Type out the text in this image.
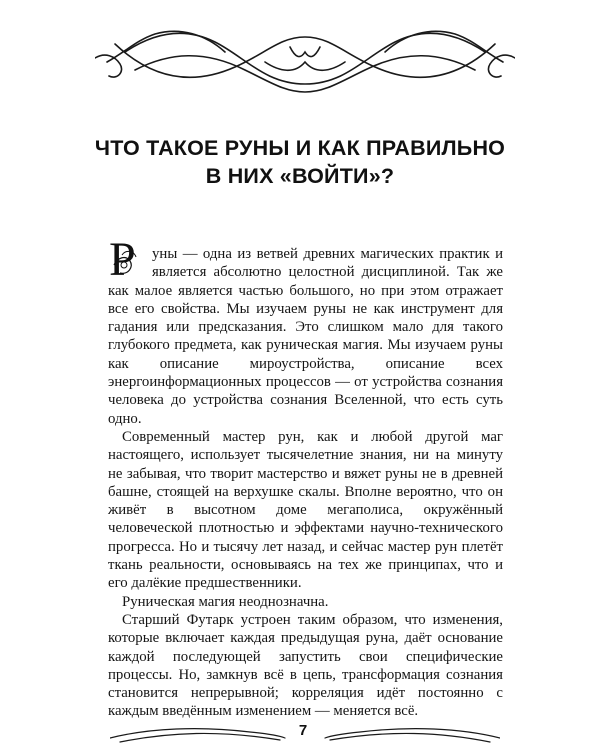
ЧТО ТАКОЕ РУНЫ И КАК ПРАВИЛЬНО
В НИХ «ВОЙТИ»?

Р уны — одна из ветвей древних магических практик и является абсолютно целостной дисциплиной. Так же как малое является частью большого, но при этом отражает все его свойства. Мы изучаем руны не как инструмент для гадания или предсказания. Это слишком мало для такого глубокого предмета, как руническая магия. Мы изучаем руны как описание мироустройства, описание всех энергоинформационных процессов — от устройства сознания человека до устройства сознания Вселенной, что есть суть одно.

Современный мастер рун, как и любой другой маг настоящего, использует тысячелетние знания, ни на минуту не забывая, что творит мастерство и вяжет руны не в древней башне, стоящей на верхушке скалы. Вполне вероятно, что он живёт в высотном доме мегаполиса, окружённый человеческой плотностью и эффектами научно-технического прогресса. Но и тысячу лет назад, и сейчас мастер рун плетёт ткань реальности, основываясь на тех же принципах, что и его далёкие предшественники.

Руническая магия неоднозначна.

Старший Футарк устроен таким образом, что изменения, которые включает каждая предыдущая руна, даёт основание каждой последующей запустить свои специфические процессы. Но, замкнув всё в цепь, трансформация сознания становится непрерывной; корреляция идёт постоянно с каждым введённым изменением — меняется всё.

7
